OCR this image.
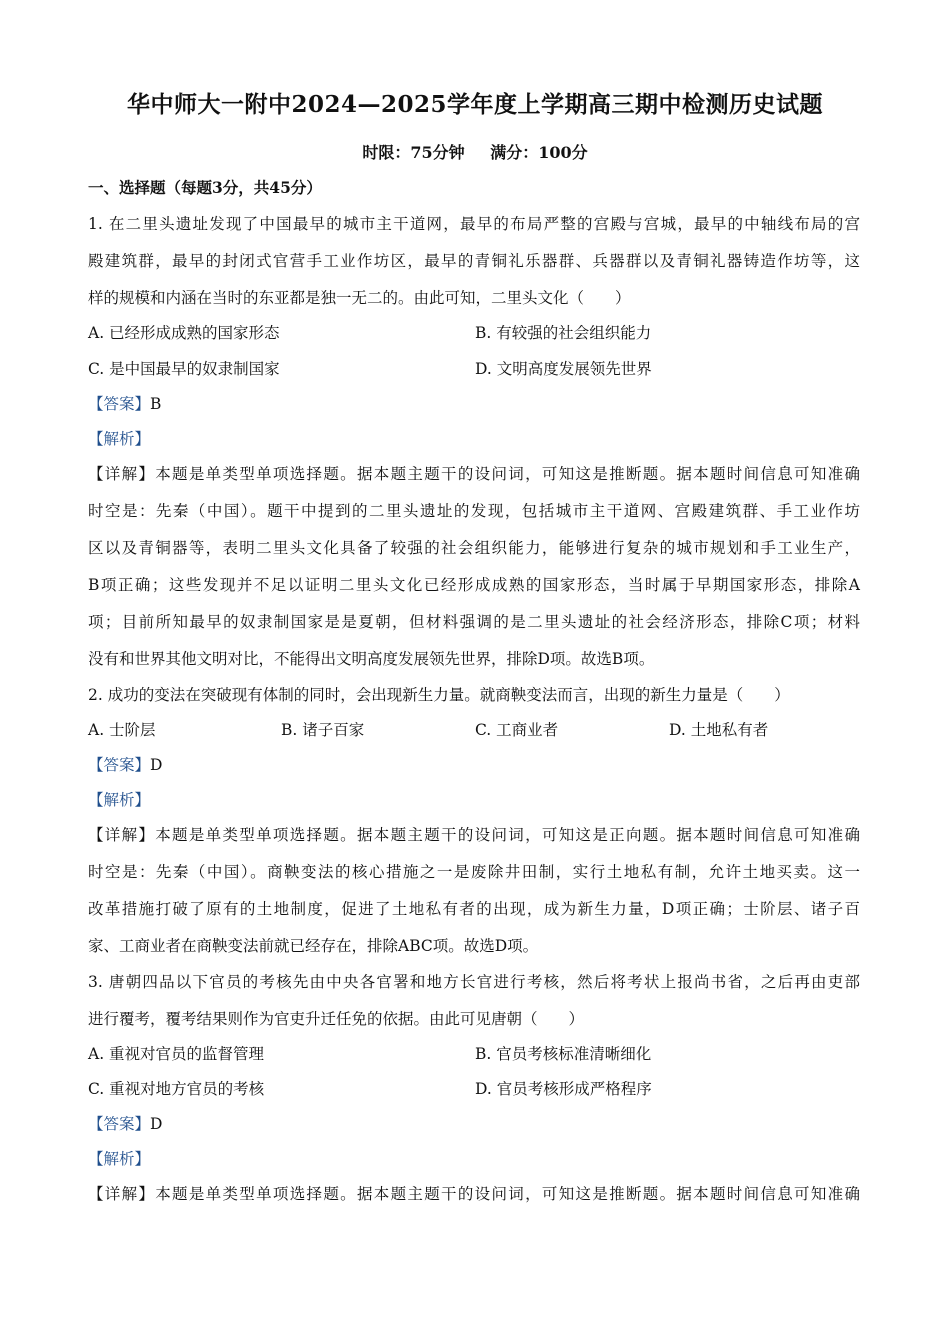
华中师大一附中2024—2025学年度上学期高三期中检测历史试题
时限：75分钟 满分：100分
一、选择题（每题3分，共45分）
1. 在二里头遗址发现了中国最早的城市主干道网，最早的布局严整的宫殿与宫城，最早的中轴线布局的宫
殿建筑群，最早的封闭式官营手工业作坊区，最早的青铜礼乐器群、兵器群以及青铜礼器铸造作坊等，这
样的规模和内涵在当时的东亚都是独一无二的。由此可知，二里头文化（　　）
A. 已经形成成熟的国家形态	B. 有较强的社会组织能力
C. 是中国最早的奴隶制国家	D. 文明高度发展领先世界
【答案】B
【解析】
【详解】本题是单类型单项选择题。据本题主题干的设问词，可知这是推断题。据本题时间信息可知准确
时空是：先秦（中国）。题干中提到的二里头遗址的发现，包括城市主干道网、宫殿建筑群、手工业作坊
区以及青铜器等，表明二里头文化具备了较强的社会组织能力，能够进行复杂的城市规划和手工业生产，
B项正确；这些发现并不足以证明二里头文化已经形成成熟的国家形态，当时属于早期国家形态，排除A
项；目前所知最早的奴隶制国家是是夏朝，但材料强调的是二里头遗址的社会经济形态，排除C项；材料
没有和世界其他文明对比，不能得出文明高度发展领先世界，排除D项。故选B项。
2. 成功的变法在突破现有体制的同时，会出现新生力量。就商鞅变法而言，出现的新生力量是（　　）
A. 士阶层	B. 诸子百家	C. 工商业者	D. 土地私有者
【答案】D
【解析】
【详解】本题是单类型单项选择题。据本题主题干的设问词，可知这是正向题。据本题时间信息可知准确
时空是：先秦（中国）。商鞅变法的核心措施之一是废除井田制，实行土地私有制，允许土地买卖。这一
改革措施打破了原有的土地制度，促进了土地私有者的出现，成为新生力量，D项正确；士阶层、诸子百
家、工商业者在商鞅变法前就已经存在，排除ABC项。故选D项。
3. 唐朝四品以下官员的考核先由中央各官署和地方长官进行考核，然后将考状上报尚书省，之后再由吏部
进行覆考，覆考结果则作为官吏升迁任免的依据。由此可见唐朝（　　）
A. 重视对官员的监督管理	B. 官员考核标准清晰细化
C. 重视对地方官员的考核	D. 官员考核形成严格程序
【答案】D
【解析】
【详解】本题是单类型单项选择题。据本题主题干的设问词，可知这是推断题。据本题时间信息可知准确
